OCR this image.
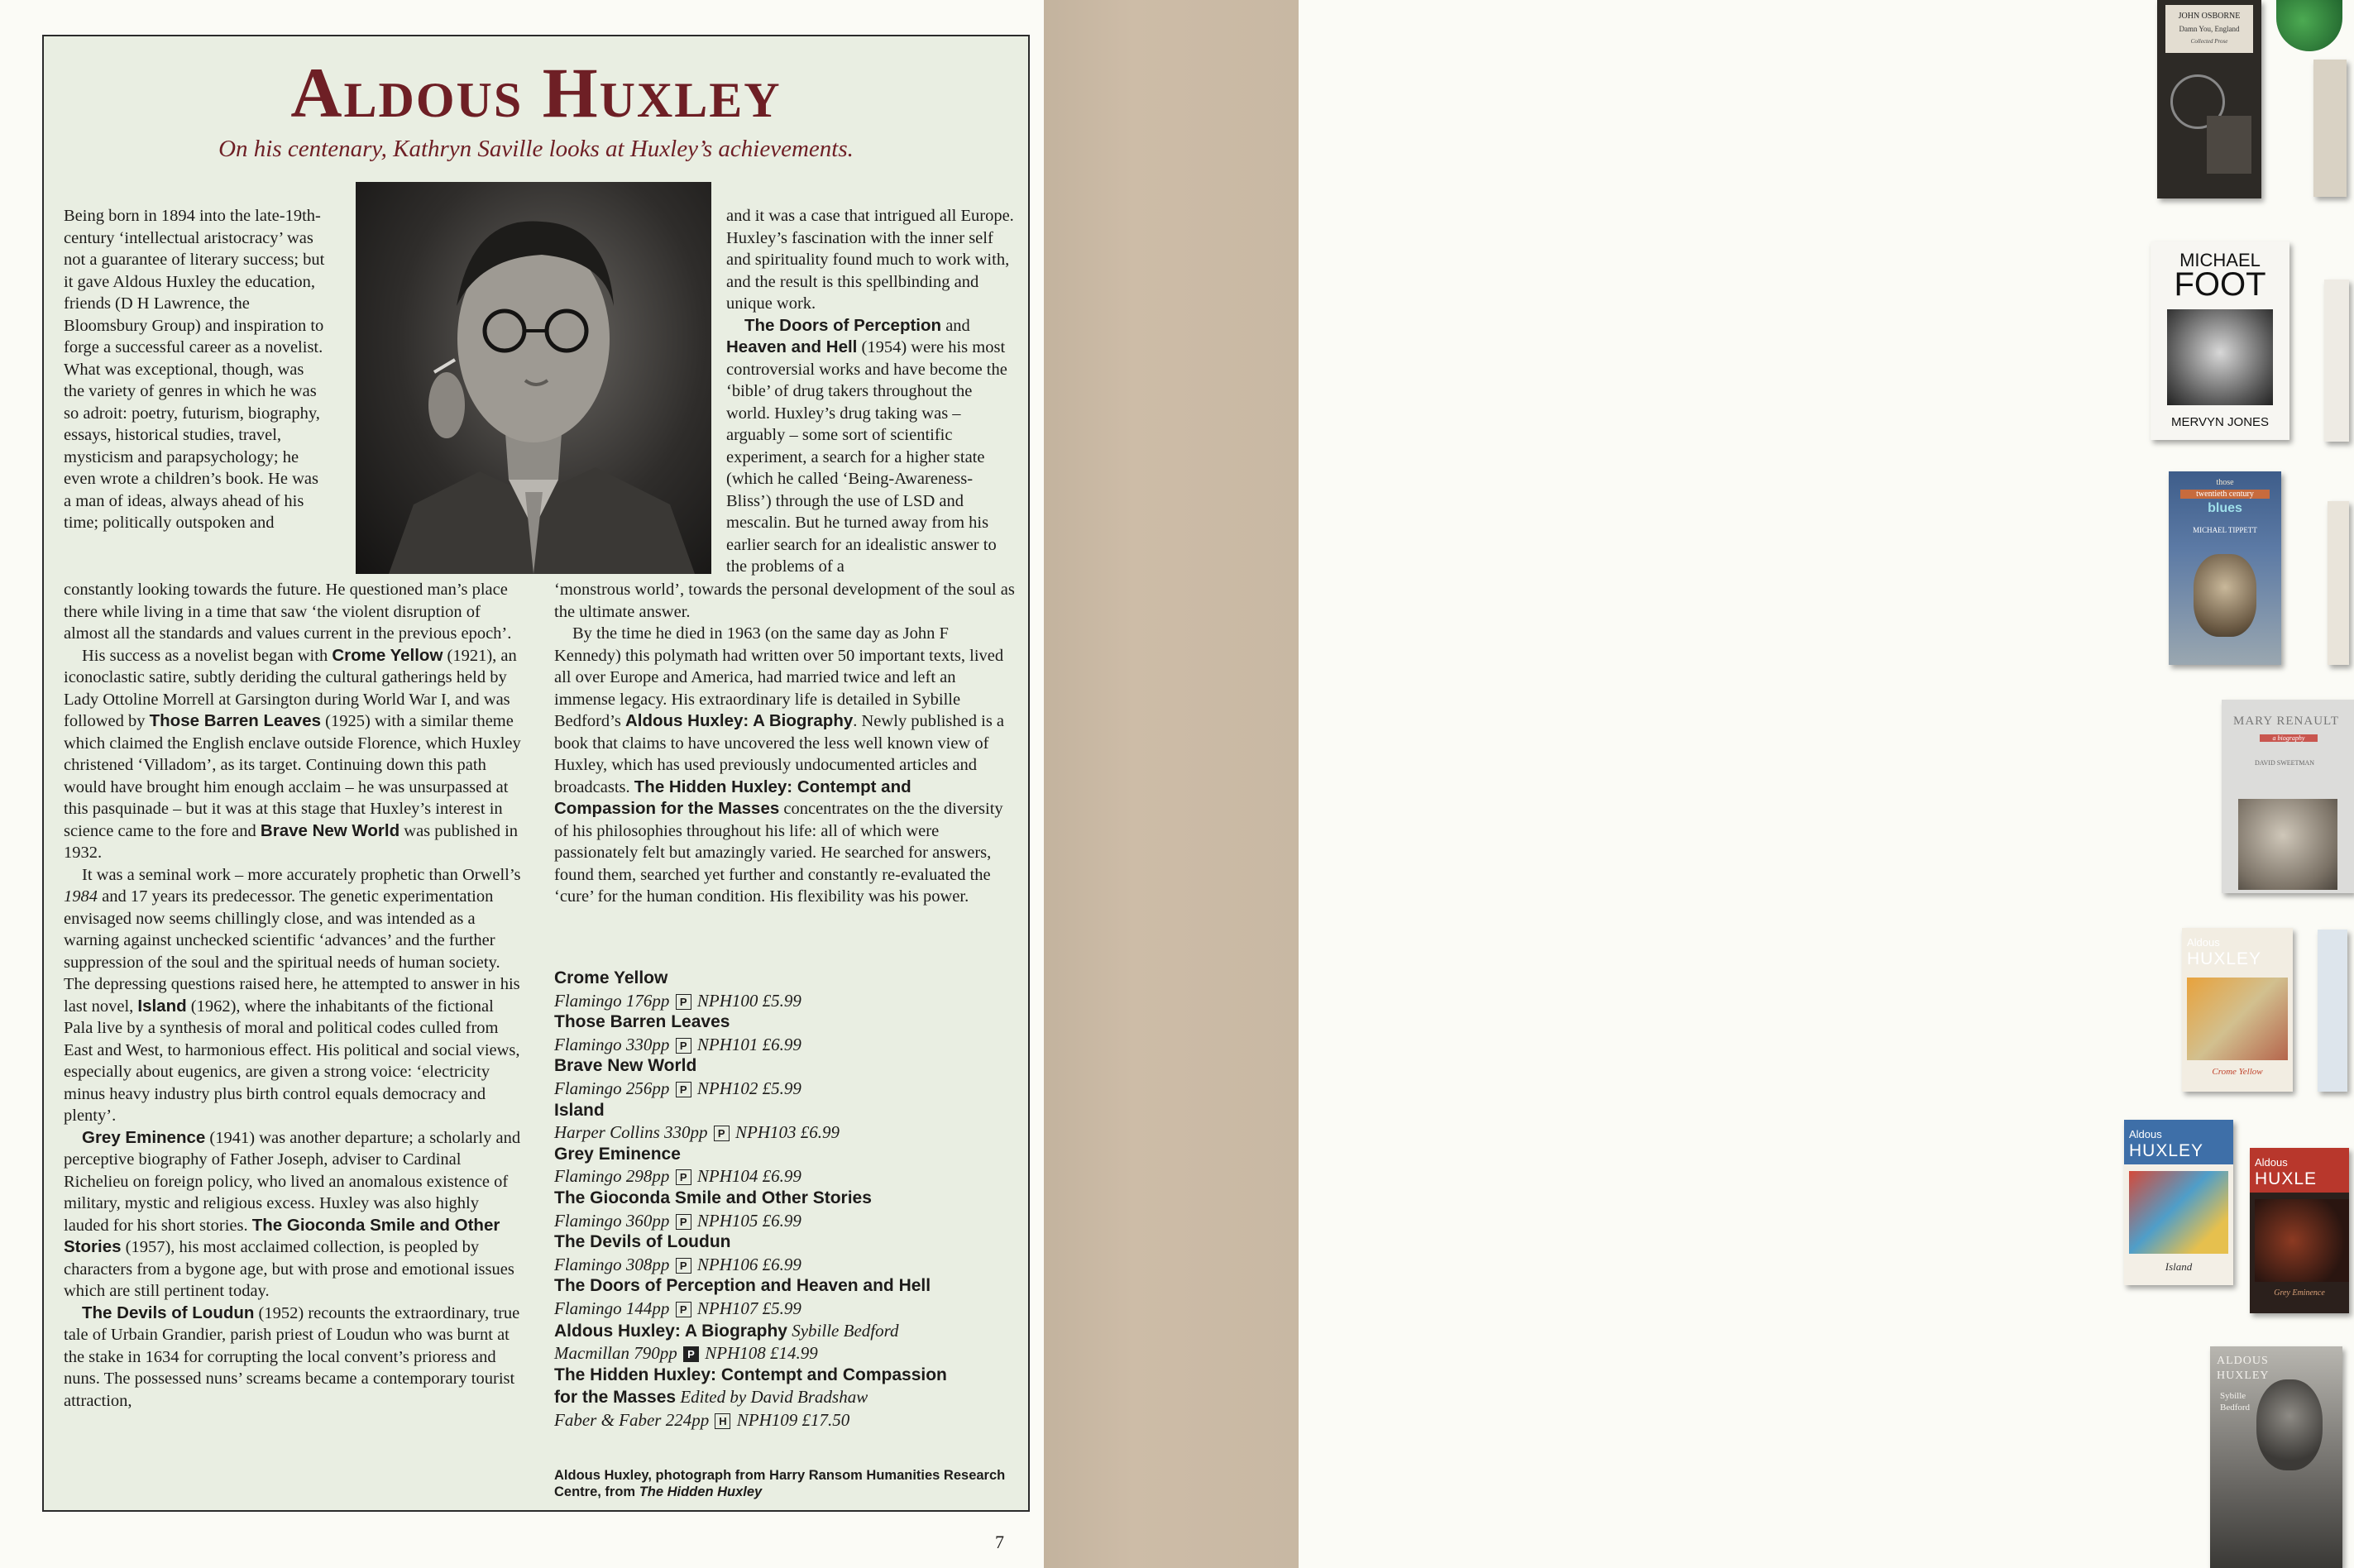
JOHN OSBORNE
Damn You, England
Collected Prose
MICHAEL
FOOT
MERVYN JONES
those
twentieth century
blues
MICHAEL TIPPETT
MARY RENAULT
a biography
DAVID SWEETMAN
Aldous
HUXLEY
Crome Yellow
Aldous
HUXLEY
Island
Aldous
HUXLE
Grey Eminence
ALDOUS
HUXLEY
Sybille
Bedford
Aldous Huxley
On his centenary, Kathryn Saville looks at Huxley’s achievements.

Being born in 1894 into the late-19th-century ‘intellectual aristocracy’ was not a guarantee of literary success; but it gave Aldous Huxley the education, friends (D H Lawrence, the Bloomsbury Group) and inspiration to forge a successful career as a novelist. What was exceptional, though, was the variety of genres in which he was so adroit: poetry, futurism, biography, essays, historical studies, travel, mysticism and parapsychology; he even wrote a children’s book. He was a man of ideas, always ahead of his time; politically outspoken and

constantly looking towards the future. He questioned man’s place there while living in a time that saw ‘the violent disruption of almost all the standards and values current in the previous epoch’.

His success as a novelist began with Crome Yellow (1921), an iconoclastic satire, subtly deriding the cultural gatherings held by Lady Ottoline Morrell at Garsington during World War I, and was followed by Those Barren Leaves (1925) with a similar theme which claimed the English enclave outside Florence, which Huxley christened ‘Villadom’, as its target. Continuing down this path would have brought him enough acclaim – he was unsurpassed at this pasquinade – but it was at this stage that Huxley’s interest in science came to the fore and Brave New World was published in 1932.

It was a seminal work – more accurately prophetic than Orwell’s 1984 and 17 years its predecessor. The genetic experimentation envisaged now seems chillingly close, and was intended as a warning against unchecked scientific ‘advances’ and the further suppression of the soul and the spiritual needs of human society. The depressing questions raised here, he attempted to answer in his last novel, Island (1962), where the inhabitants of the fictional Pala live by a synthesis of moral and political codes culled from East and West, to harmonious effect. His political and social views, especially about eugenics, are given a strong voice: ‘electricity minus heavy industry plus birth control equals democracy and plenty’.

Grey Eminence (1941) was another departure; a scholarly and perceptive biography of Father Joseph, adviser to Cardinal Richelieu on foreign policy, who lived an anomalous existence of military, mystic and religious excess. Huxley was also highly lauded for his short stories. The Gioconda Smile and Other Stories (1957), his most acclaimed collection, is peopled by characters from a bygone age, but with prose and emotional issues which are still pertinent today.

The Devils of Loudun (1952) recounts the extraordinary, true tale of Urbain Grandier, parish priest of Loudun who was burnt at the stake in 1634 for corrupting the local convent’s prioress and nuns. The possessed nuns’ screams became a contemporary tourist attraction,

and it was a case that intrigued all Europe. Huxley’s fascination with the inner self and spirituality found much to work with, and the result is this spellbinding and unique work.

The Doors of Perception and Heaven and Hell (1954) were his most controversial works and have become the ‘bible’ of drug takers throughout the world. Huxley’s drug taking was – arguably – some sort of scientific experiment, a search for a higher state (which he called ‘Being-Awareness-Bliss’) through the use of LSD and mescalin. But he turned away from his earlier search for an idealistic answer to the problems of a

‘monstrous world’, towards the personal development of the soul as the ultimate answer.

By the time he died in 1963 (on the same day as John F Kennedy) this polymath had written over 50 important texts, lived all over Europe and America, had married twice and left an immense legacy. His extraordinary life is detailed in Sybille Bedford’s Aldous Huxley: A Biography. Newly published is a book that claims to have uncovered the less well known view of Huxley, which has used previously undocumented articles and broadcasts. The Hidden Huxley: Contempt and Compassion for the Masses concentrates on the the diversity of his philosophies throughout his life: all of which were passionately felt but amazingly varied. He searched for answers, found them, searched yet further and constantly re-evaluated the ‘cure’ for the human condition. His flexibility was his power.

Crome Yellow
Flamingo 176pp P NPH100 £5.99
Those Barren Leaves
Flamingo 330pp P NPH101 £6.99
Brave New World
Flamingo 256pp P NPH102 £5.99
Island
Harper Collins 330pp P NPH103 £6.99
Grey Eminence
Flamingo 298pp P NPH104 £6.99
The Gioconda Smile and Other Stories
Flamingo 360pp P NPH105 £6.99
The Devils of Loudun
Flamingo 308pp P NPH106 £6.99
The Doors of Perception and Heaven and Hell
Flamingo 144pp P NPH107 £5.99
Aldous Huxley: A Biography Sybille Bedford
Macmillan 790pp P NPH108 £14.99
The Hidden Huxley: Contempt and Compassion
for the Masses Edited by David Bradshaw
Faber & Faber 224pp H NPH109 £17.50
Aldous Huxley, photograph from Harry Ransom Humanities Research Centre, from The Hidden Huxley
7
